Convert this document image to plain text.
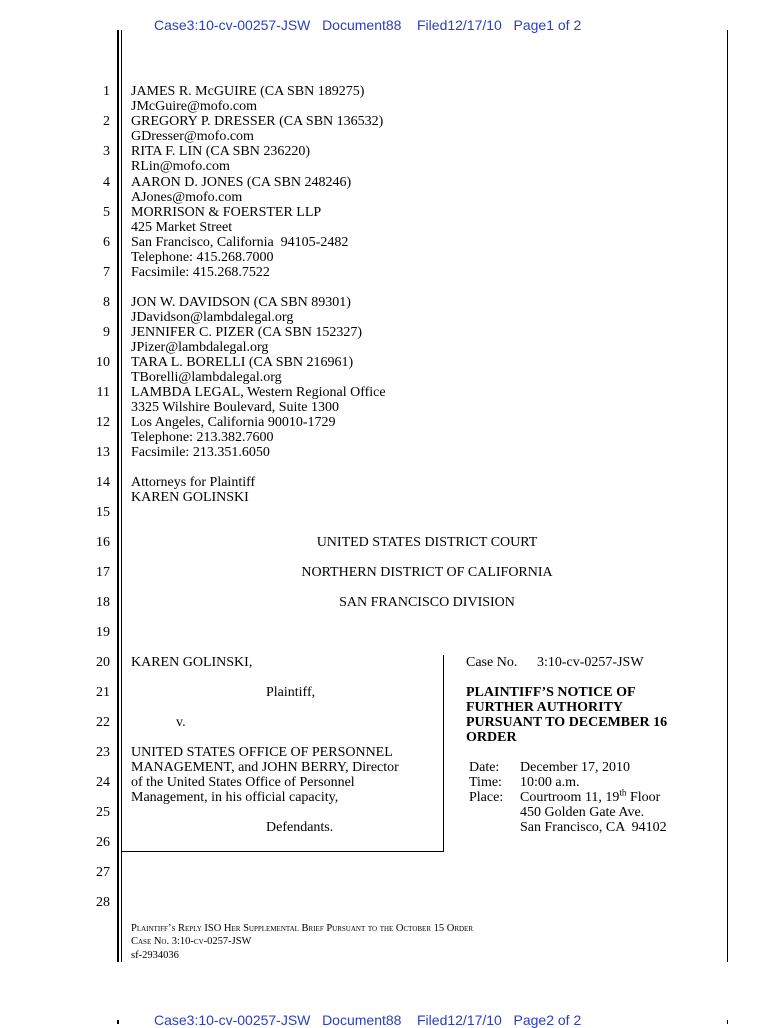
Case3:10-cv-00257-JSW   Document88    Filed12/17/10   Page1 of 2
Case3:10-cv-00257-JSW   Document88    Filed12/17/10   Page2 of 2
1
2
3
4
5
6
7
8
9
10
11
12
13
14
15
16
17
18
19
20
21
22
23
24
25
26
27
28
JAMES R. McGUIRE (CA SBN 189275)
JMcGuire@mofo.com
GREGORY P. DRESSER (CA SBN 136532)
GDresser@mofo.com
RITA F. LIN (CA SBN 236220)
RLin@mofo.com
AARON D. JONES (CA SBN 248246)
AJones@mofo.com
MORRISON & FOERSTER LLP
425 Market Street
San Francisco, California  94105-2482
Telephone: 415.268.7000
Facsimile: 415.268.7522
JON W. DAVIDSON (CA SBN 89301)
JDavidson@lambdalegal.org
JENNIFER C. PIZER (CA SBN 152327)
JPizer@lambdalegal.org
TARA L. BORELLI (CA SBN 216961)
TBorelli@lambdalegal.org
LAMBDA LEGAL, Western Regional Office
3325 Wilshire Boulevard, Suite 1300
Los Angeles, California 90010-1729
Telephone: 213.382.7600
Facsimile: 213.351.6050
Attorneys for Plaintiff
KAREN GOLINSKI
UNITED STATES DISTRICT COURT
NORTHERN DISTRICT OF CALIFORNIA
SAN FRANCISCO DIVISION
KAREN GOLINSKI,
Plaintiff,
v.
UNITED STATES OFFICE OF PERSONNEL
MANAGEMENT, and JOHN BERRY, Director
of the United States Office of Personnel
Management, in his official capacity,
Defendants.
Case No. 3:10-cv-0257-JSW
PLAINTIFF’S NOTICE OF
FURTHER AUTHORITY
PURSUANT TO DECEMBER 16
ORDER
Date: December 17, 2010
Time: 10:00 a.m.
Place: Courtroom 11, 19th Floor
450 Golden Gate Ave.
San Francisco, CA  94102
Plaintiff’s Reply ISO Her Supplemental Brief Pursuant to the October 15 Order
Case No. 3:10-cv-0257-JSW
sf-2934036
